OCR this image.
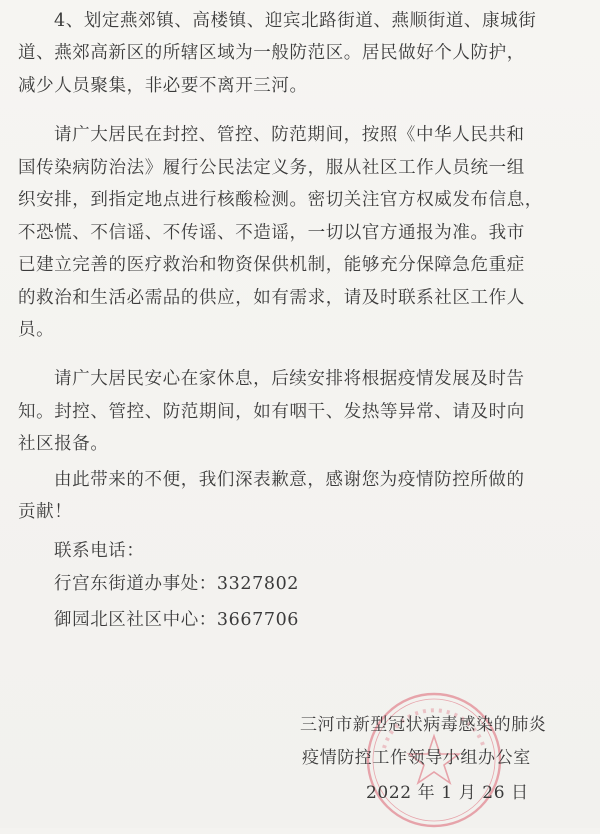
4、划定燕郊镇、高楼镇、迎宾北路街道、燕顺街道、康城街
道、燕郊高新区的所辖区域为一般防范区。居民做好个人防护，
减少人员聚集，非必要不离开三河。
请广大居民在封控、管控、防范期间，按照《中华人民共和
国传染病防治法》履行公民法定义务，服从社区工作人员统一组
织安排，到指定地点进行核酸检测。密切关注官方权威发布信息，
不恐慌、不信谣、不传谣、不造谣，一切以官方通报为准。我市
已建立完善的医疗救治和物资保供机制，能够充分保障急危重症
的救治和生活必需品的供应，如有需求，请及时联系社区工作人
员。
请广大居民安心在家休息，后续安排将根据疫情发展及时告
知。封控、管控、防范期间，如有咽干、发热等异常、请及时向
社区报备。
由此带来的不便，我们深表歉意，感谢您为疫情防控所做的
贡献！
联系电话：
行宫东街道办事处：3327802
御园北区社区中心：3667706
三河市新型冠状病毒感染的肺炎
疫情防控工作领导小组办公室
2022 年 1 月 26 日
